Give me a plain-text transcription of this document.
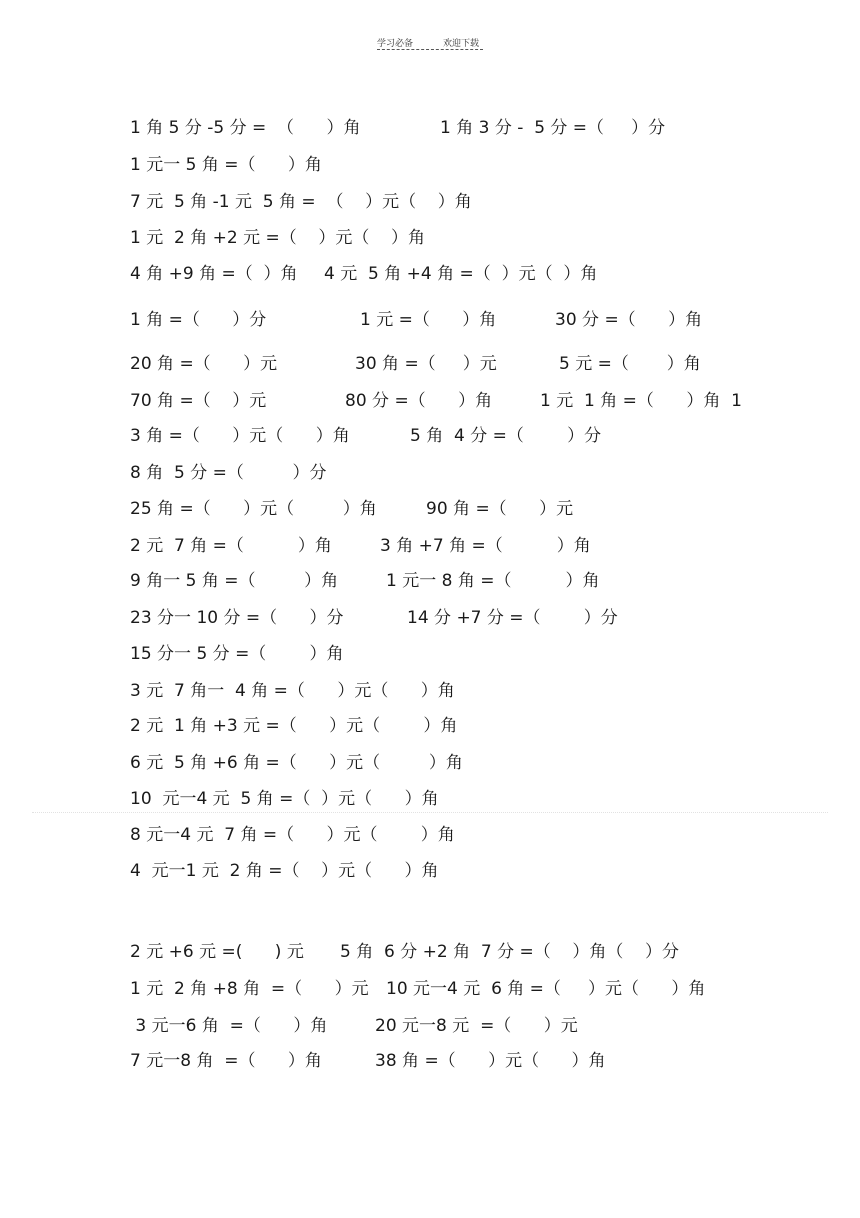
学习必备	欢迎下载
1 角 5 分 -5 分 =  （      ）角	1 角 3 分 -  5 分 =（     ）分
1 元一 5 角 =（      ）角
7 元  5 角 -1 元  5 角 =  （    ）元（    ）角
1 元  2 角 +2 元 =（    ）元（    ）角
4 角 +9 角 =（  ）角 4 元  5 角 +4 角 =（  ）元（  ）角
1 角 =（      ）分	1 元 =（      ）角	30 分 =（      ）角
20 角 =（      ）元	30 角 =（     ）元	5 元 =（       ）角
70 角 =（    ）元	80 分 =（      ）角	1 元  1 角 =（      ）角  1
3 角 =（      ）元（      ）角	5 角  4 分 =（        ）分
8 角  5 分 =（         ）分
25 角 =（      ）元（         ）角	90 角 =（      ）元
2 元  7 角 =（          ）角	3 角 +7 角 =（          ）角
9 角一 5 角 =（         ）角	1 元一 8 角 =（          ）角
23 分一 10 分 =（      ）分	14 分 +7 分 =（        ）分
15 分一 5 分 =（        ）角
3 元  7 角一  4 角 =（      ）元（      ）角
2 元  1 角 +3 元 =（      ）元（        ）角
6 元  5 角 +6 角 =（      ）元（         ）角
10  元一4 元  5 角 =（  ）元（      ）角
8 元一4 元  7 角 =（      ）元（        ）角
4  元一1 元  2 角 =（    ）元（      ）角
2 元 +6 元 =(      ) 元 5 角  6 分 +2 角  7 分 =（    ）角（    ）分
1 元  2 角 +8 角  =（      ）元 10 元一4 元  6 角 =（     ）元（      ）角
3 元一6 角  =（      ）角	20 元一8 元  =（      ）元
7 元一8 角  =（      ）角	38 角 =（      ）元（      ）角
